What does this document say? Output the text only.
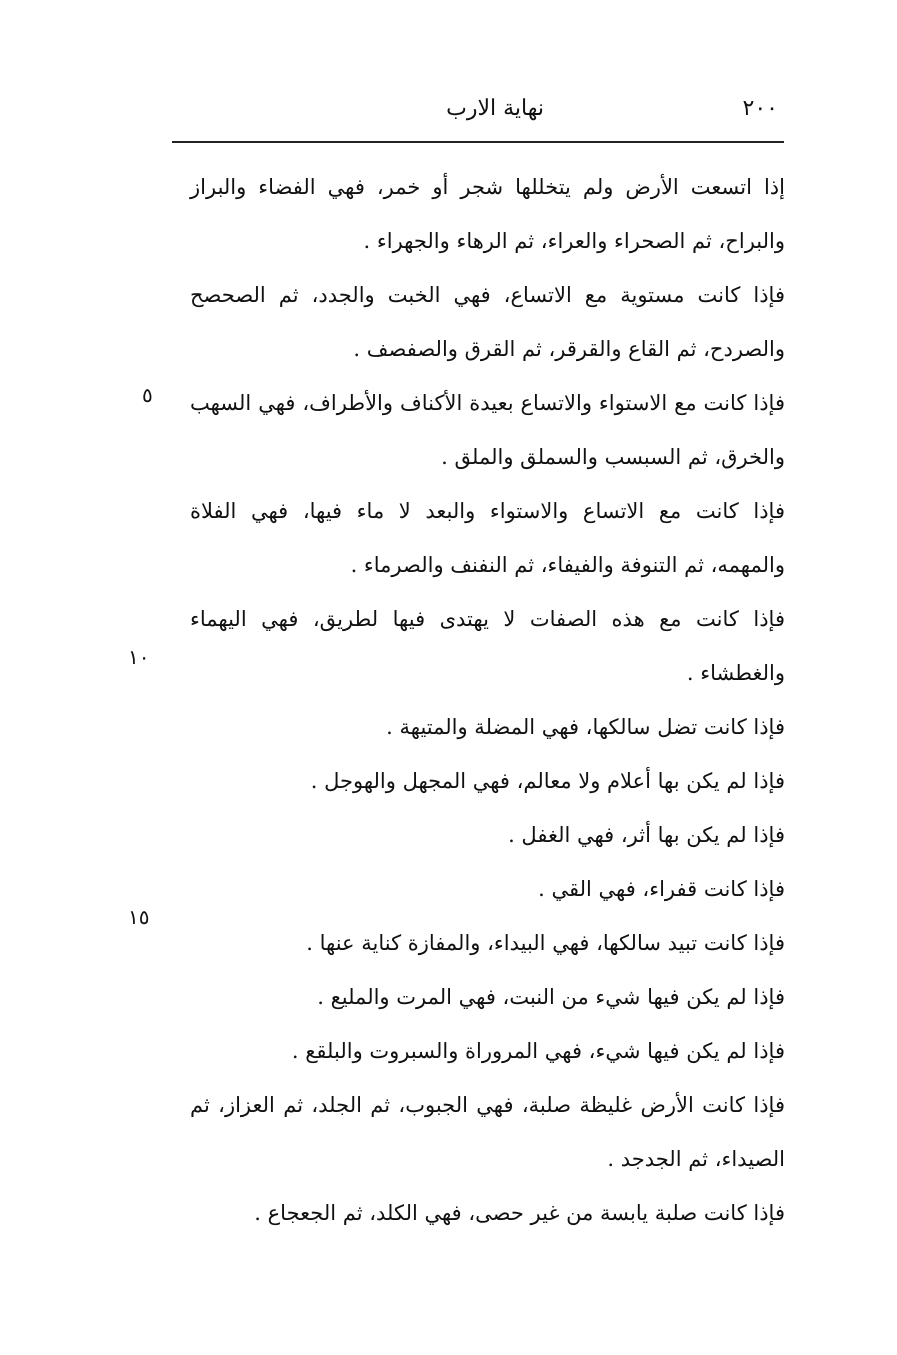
٢٠٠
نهاية الارب
٥
١٠
١٥

إذا اتسعت الأرض ولم يتخللها شجر أو خمر، فهي الفضاء والبراز والبراح، ثم الصحراء والعراء، ثم الرهاء والجهراء .

فإذا كانت مستوية مع الاتساع، فهي الخبت والجدد، ثم الصحصح والصردح، ثم القاع والقرقر، ثم القرق والصفصف .

فإذا كانت مع الاستواء والاتساع بعيدة الأكناف والأطراف، فهي السهب والخرق، ثم السبسب والسملق والملق .

فإذا كانت مع الاتساع والاستواء والبعد لا ماء فيها، فهي الفلاة والمهمه، ثم التنوفة والفيفاء، ثم النفنف والصرماء .

فإذا كانت مع هذه الصفات لا يهتدى فيها لطريق، فهي اليهماء والغطشاء .

فإذا كانت تضل سالكها، فهي المضلة والمتيهة .

فإذا لم يكن بها أعلام ولا معالم، فهي المجهل والهوجل .

فإذا لم يكن بها أثر، فهي الغفل .

فإذا كانت قفراء، فهي القي .

فإذا كانت تبيد سالكها، فهي البيداء، والمفازة كناية عنها .

فإذا لم يكن فيها شيء من النبت، فهي المرت والمليع .

فإذا لم يكن فيها شيء، فهي المروراة والسبروت والبلقع .

فإذا كانت الأرض غليظة صلبة، فهي الجبوب، ثم الجلد، ثم العزاز، ثم الصيداء، ثم الجدجد .

فإذا كانت صلبة يابسة من غير حصى، فهي الكلد، ثم الجعجاع .
